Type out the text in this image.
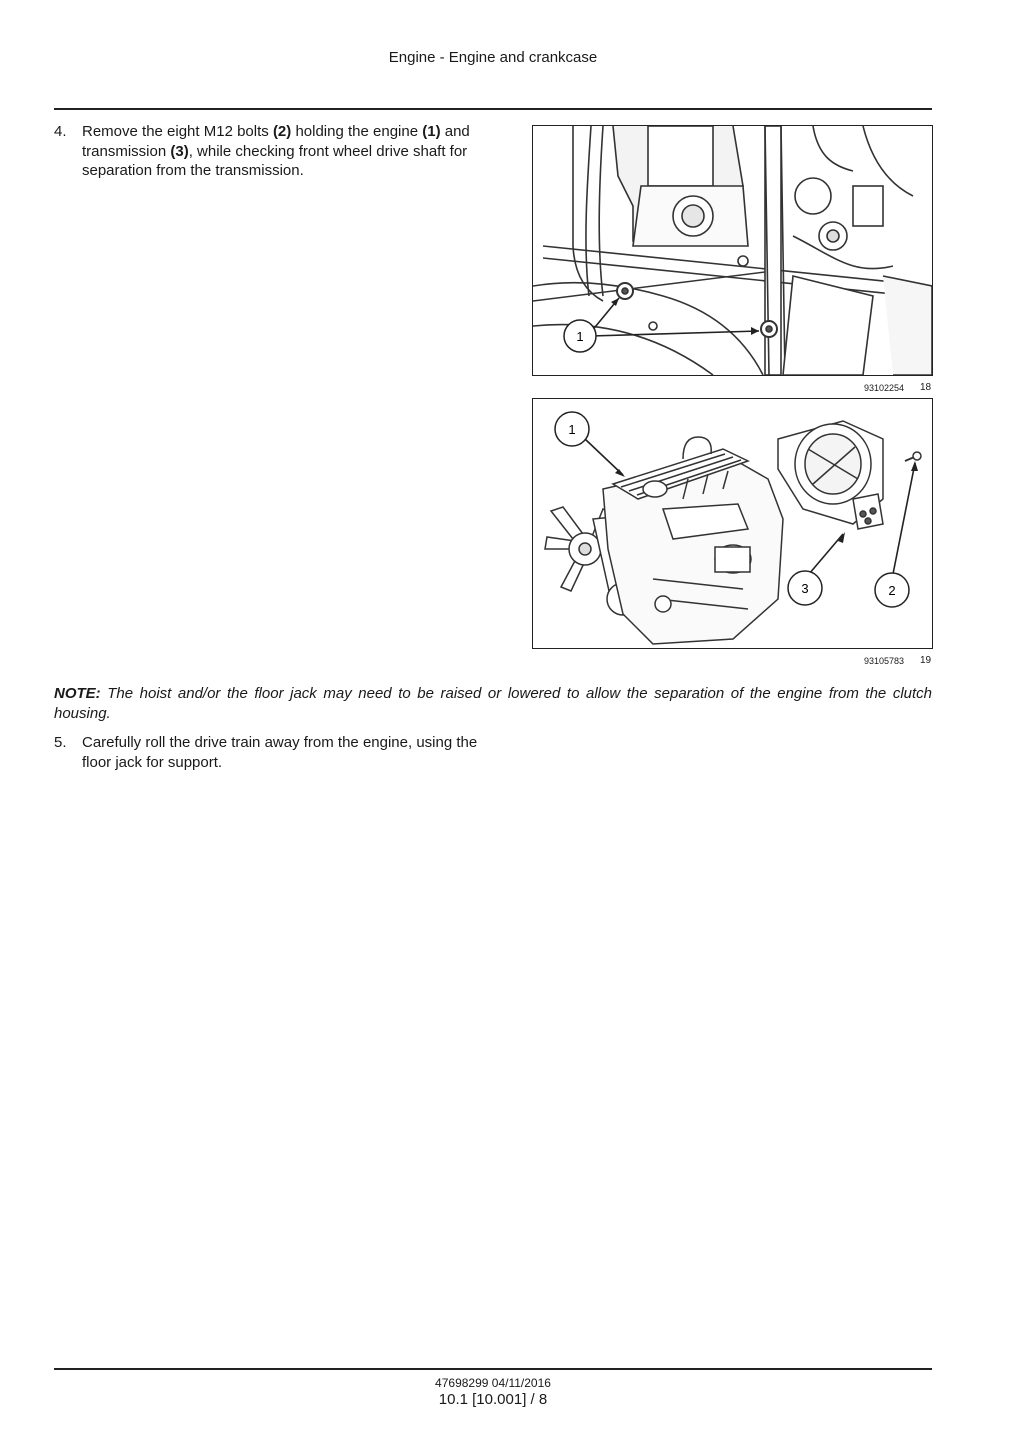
Engine - Engine and crankcase
4. Remove the eight M12 bolts (2) holding the engine (1) and transmission (3), while checking front wheel drive shaft for separation from the transmission.
1
93102254 18
1
3	2
93105783 19
NOTE: The hoist and/or the floor jack may need to be raised or lowered to allow the separation of the engine from the clutch housing.
5. Carefully roll the drive train away from the engine, using the floor jack for support.
47698299 04/11/2016
10.1 [10.001] / 8
